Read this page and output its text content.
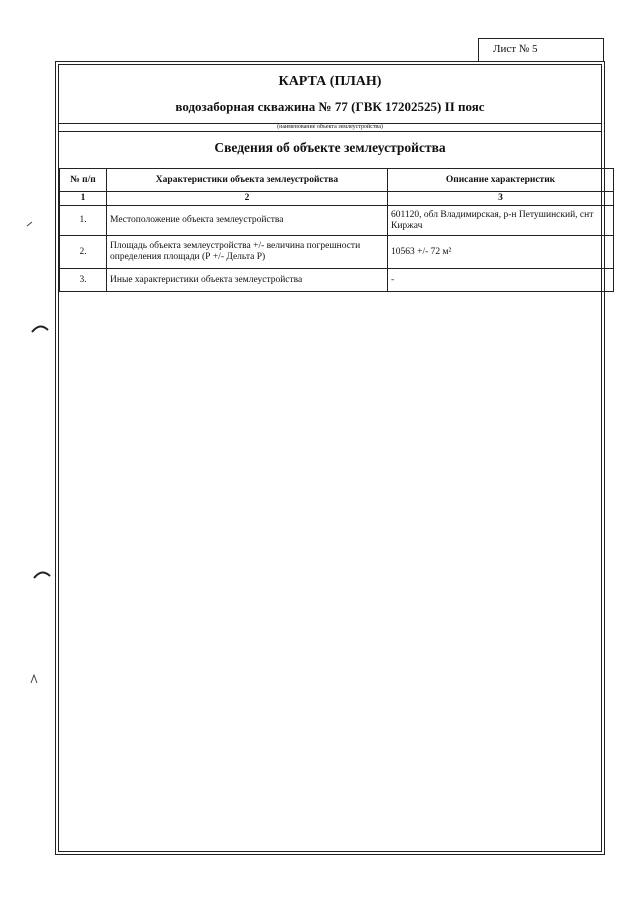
Лист № 5
КАРТА (ПЛАН)
водозаборная скважина № 77 (ГВК 17202525) II пояс
(наименование объекта землеустройства)
Сведения об объекте землеустройства
№ п/п	Характеристики объекта землеустройства	Описание характеристик
1	2	3
1.	Местоположение объекта землеустройства	601120, обл Владимирская, р-н Петушинский, снт Киржач
2.	Площадь объекта землеустройства +/- величина погрешности определения площади (Р +/- Дельта Р)	10563 +/- 72 м²
3.	Иные характеристики объекта землеустройства	-
